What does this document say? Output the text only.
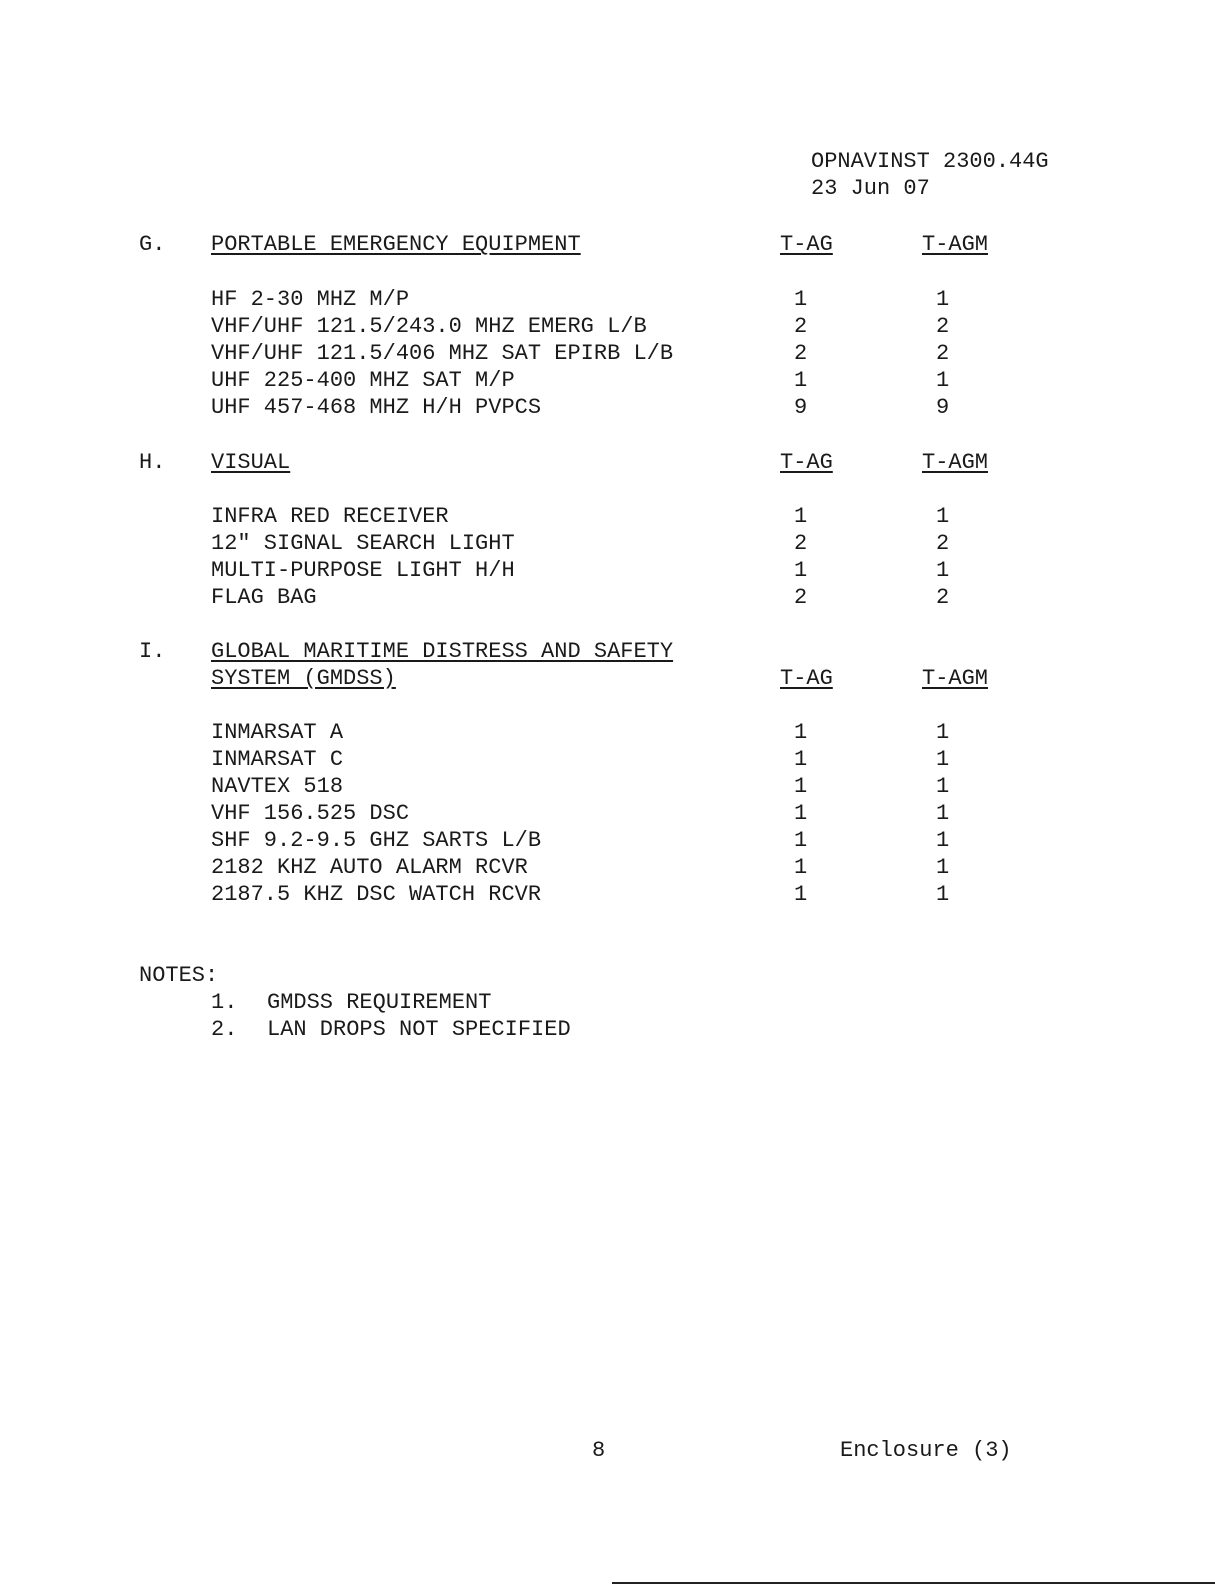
OPNAVINST 2300.44G
23 Jun 07
G. PORTABLE EMERGENCY EQUIPMENT	T-AG	T-AGM
HF 2-30 MHZ M/P	1	1
VHF/UHF 121.5/243.0 MHZ EMERG L/B	2	2
VHF/UHF 121.5/406 MHZ SAT EPIRB L/B	2	2
UHF 225-400 MHZ SAT M/P	1	1
UHF 457-468 MHZ H/H PVPCS	9	9
H. VISUAL	T-AG	T-AGM
INFRA RED RECEIVER	1	1
12″ SIGNAL SEARCH LIGHT	2	2
MULTI-PURPOSE LIGHT H/H	1	1
FLAG BAG	2	2
I. GLOBAL MARITIME DISTRESS AND SAFETY
SYSTEM (GMDSS)	T-AG	T-AGM
INMARSAT A	1	1
INMARSAT C	1	1
NAVTEX 518	1	1
VHF 156.525 DSC	1	1
SHF 9.2-9.5 GHZ SARTS L/B	1	1
2182 KHZ AUTO ALARM RCVR	1	1
2187.5 KHZ DSC WATCH RCVR	1	1
NOTES:
1. GMDSS REQUIREMENT
2. LAN DROPS NOT SPECIFIED
8	Enclosure (3)
